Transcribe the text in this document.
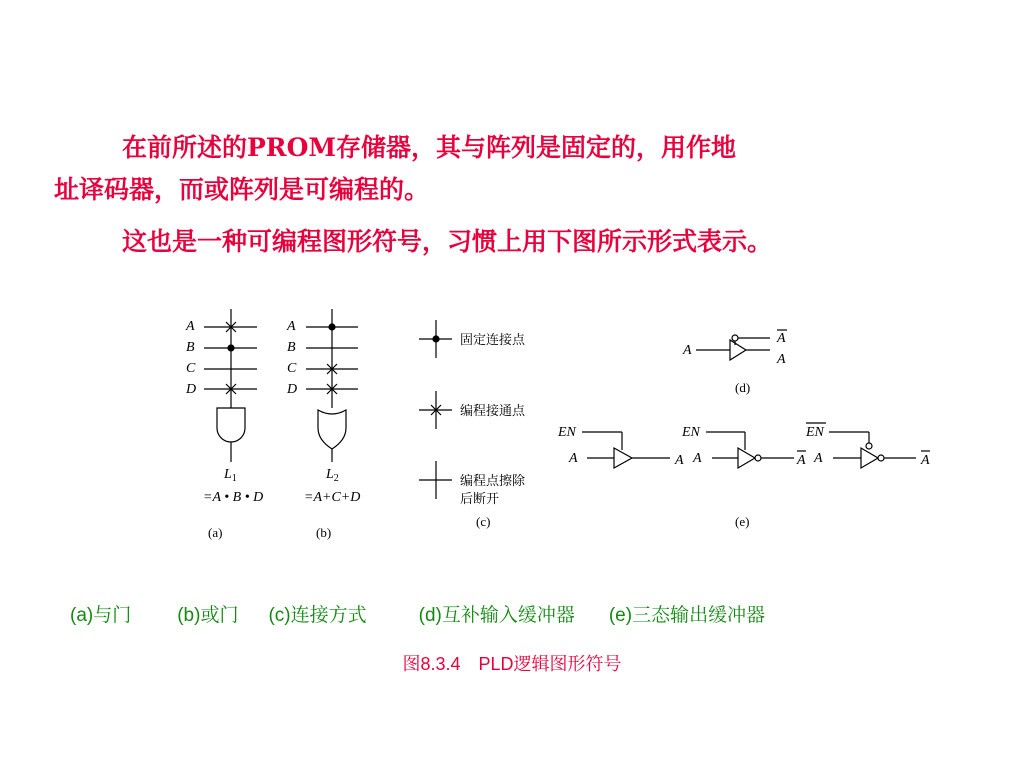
在前所述的PROM存储器，其与阵列是固定的，用作地

址译码器，而或阵列是可编程的。

这也是一种可编程图形符号，习惯上用下图所示形式表示。

A
B
C
D
$L_1$
=A • B • D
(a)
A
B
C
D
$L_2$
=A+C+D
(b)
固定连接点
编程接通点
编程点擦除
后断开
(c)
A
A
A
(d)
EN
A	A
EN
A	A
EN
A	A
(e)
(a)与门 (b)或门 (c)连接方式	(d)互补输入缓冲器 (e)三态输出缓冲器
图8.3.4　PLD逻辑图形符号
